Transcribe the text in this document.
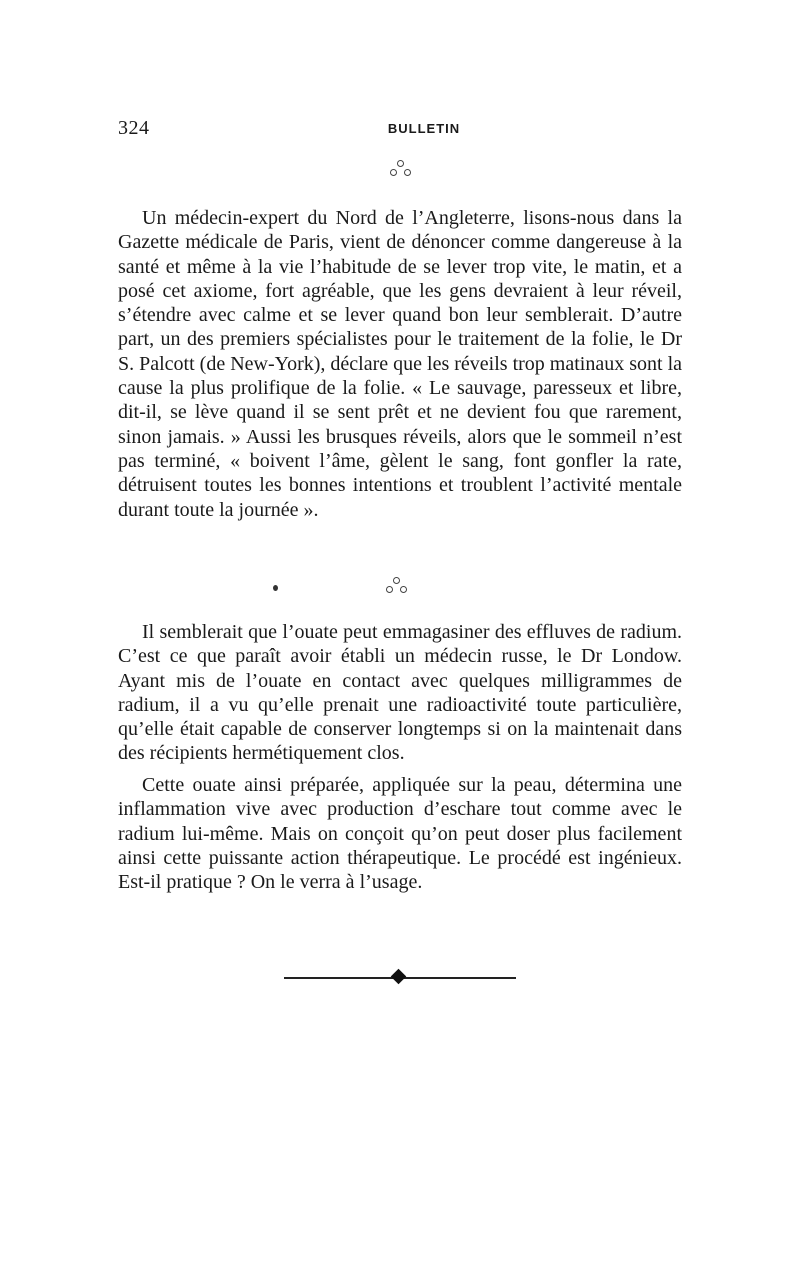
324	BULLETIN

Un médecin-expert du Nord de l’Angleterre, lisons-nous dans la Gazette médicale de Paris, vient de dénoncer comme dangereuse à la santé et même à la vie l’habitude de se lever trop vite, le matin, et a posé cet axiome, fort agréable, que les gens devraient à leur réveil, s’étendre avec calme et se lever quand bon leur semblerait. D’autre part, un des premiers spécialistes pour le traitement de la folie, le Dr S. Palcott (de New-York), déclare que les réveils trop matinaux sont la cause la plus prolifique de la folie. « Le sauvage, paresseux et libre, dit-il, se lève quand il se sent prêt et ne devient fou que rarement, sinon jamais. » Aussi les brusques réveils, alors que le sommeil n’est pas terminé, « boivent l’âme, gèlent le sang, font gonfler la rate, détruisent toutes les bonnes intentions et troublent l’activité mentale durant toute la journée ».

Il semblerait que l’ouate peut emmagasiner des effluves de radium. C’est ce que paraît avoir établi un médecin russe, le Dr Londow. Ayant mis de l’ouate en contact avec quelques milligrammes de radium, il a vu qu’elle prenait une radioactivité toute particulière, qu’elle était capable de conserver longtemps si on la maintenait dans des récipients hermétiquement clos.

Cette ouate ainsi préparée, appliquée sur la peau, détermina une inflammation vive avec production d’eschare tout comme avec le radium lui-même. Mais on conçoit qu’on peut doser plus facilement ainsi cette puissante action thérapeutique. Le procédé est ingénieux. Est-il pratique ? On le verra à l’usage.
